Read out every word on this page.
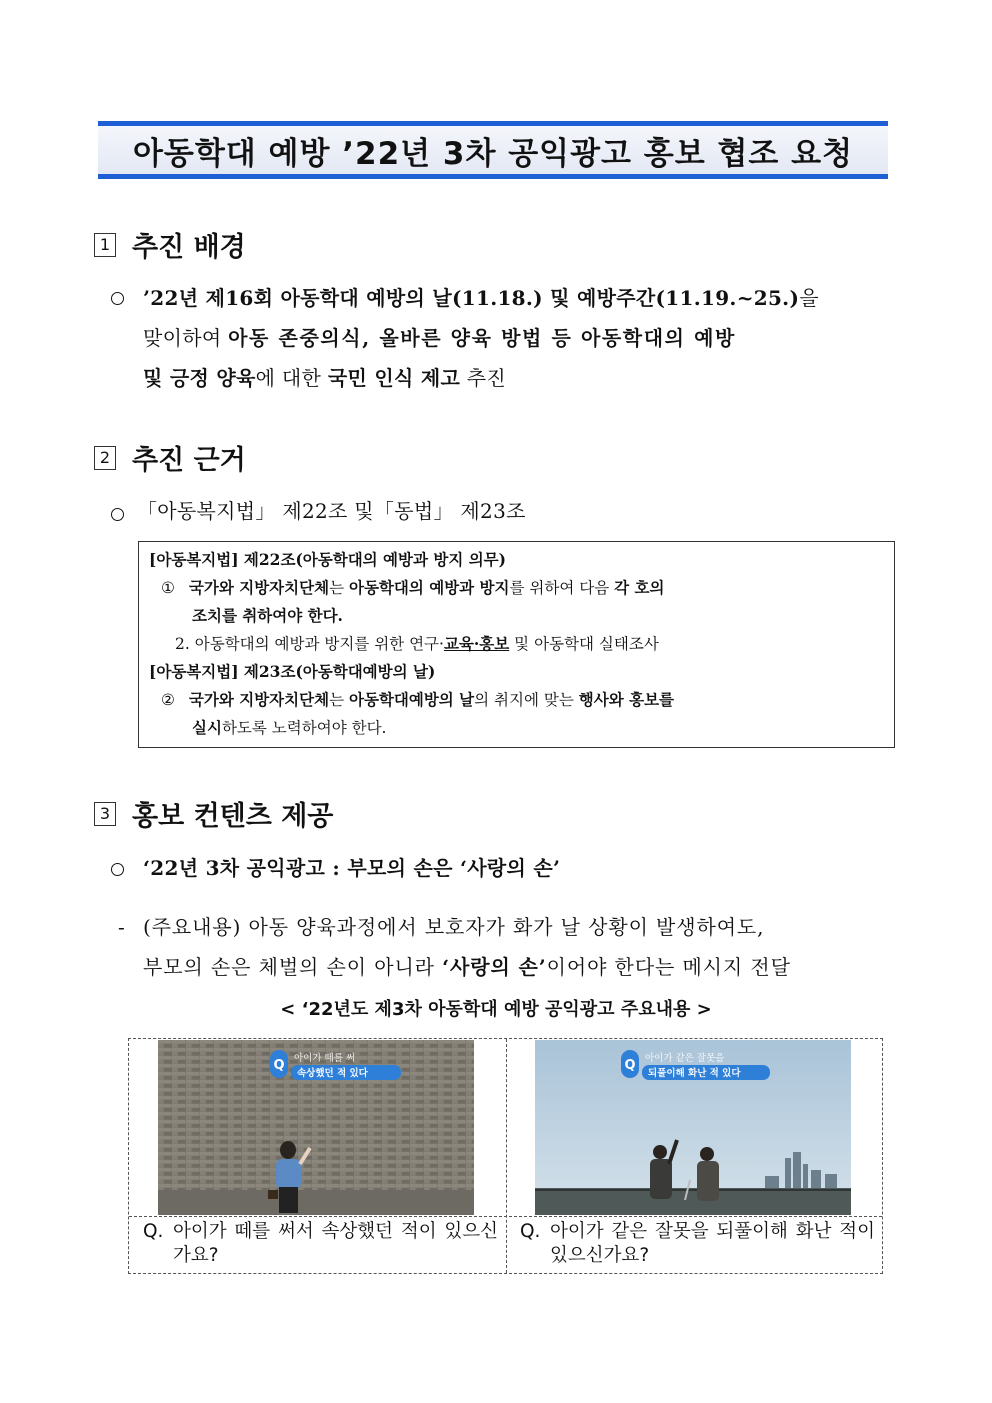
아동학대 예방 ’22년 3차 공익광고 홍보 협조 요청
1 추진 배경
’22년 제16회 아동학대 예방의 날(11.18.) 및 예방주간(11.19.~25.)을
맞이하여 아동 존중의식, 올바른 양육 방법 등 아동학대의 예방
및 긍정 양육에 대한 국민 인식 제고 추진
2 추진 근거
「아동복지법」 제22조 및「동법」 제23조
[아동복지법] 제22조(아동학대의 예방과 방지 의무)
① 국가와 지방자치단체는 아동학대의 예방과 방지를 위하여 다음 각 호의
조치를 취하여야 한다.
2. 아동학대의 예방과 방지를 위한 연구·교육·홍보 및 아동학대 실태조사
[아동복지법] 제23조(아동학대예방의 날)
② 국가와 지방자치단체는 아동학대예방의 날의 취지에 맞는 행사와 홍보를
실시하도록 노력하여야 한다.
3 홍보 컨텐츠 제공
‘22년 3차 공익광고 : 부모의 손은 ‘사랑의 손’
- (주요내용) 아동 양육과정에서 보호자가 화가 날 상황이 발생하여도,
부모의 손은 체벌의 손이 아니라 ‘사랑의 손’이어야 한다는 메시지 전달
< ‘22년도 제3차 아동학대 예방 공익광고 주요내용 >
Q 아이가 떼를 써
속상했던 적 있다
Q 아이가 같은 잘못을
되풀이해 화난 적 있다
Q. 아이가 떼를 써서 속상했던 적이 있으신가요?
Q. 아이가 같은 잘못을 되풀이해 화난 적이 있으신가요?
